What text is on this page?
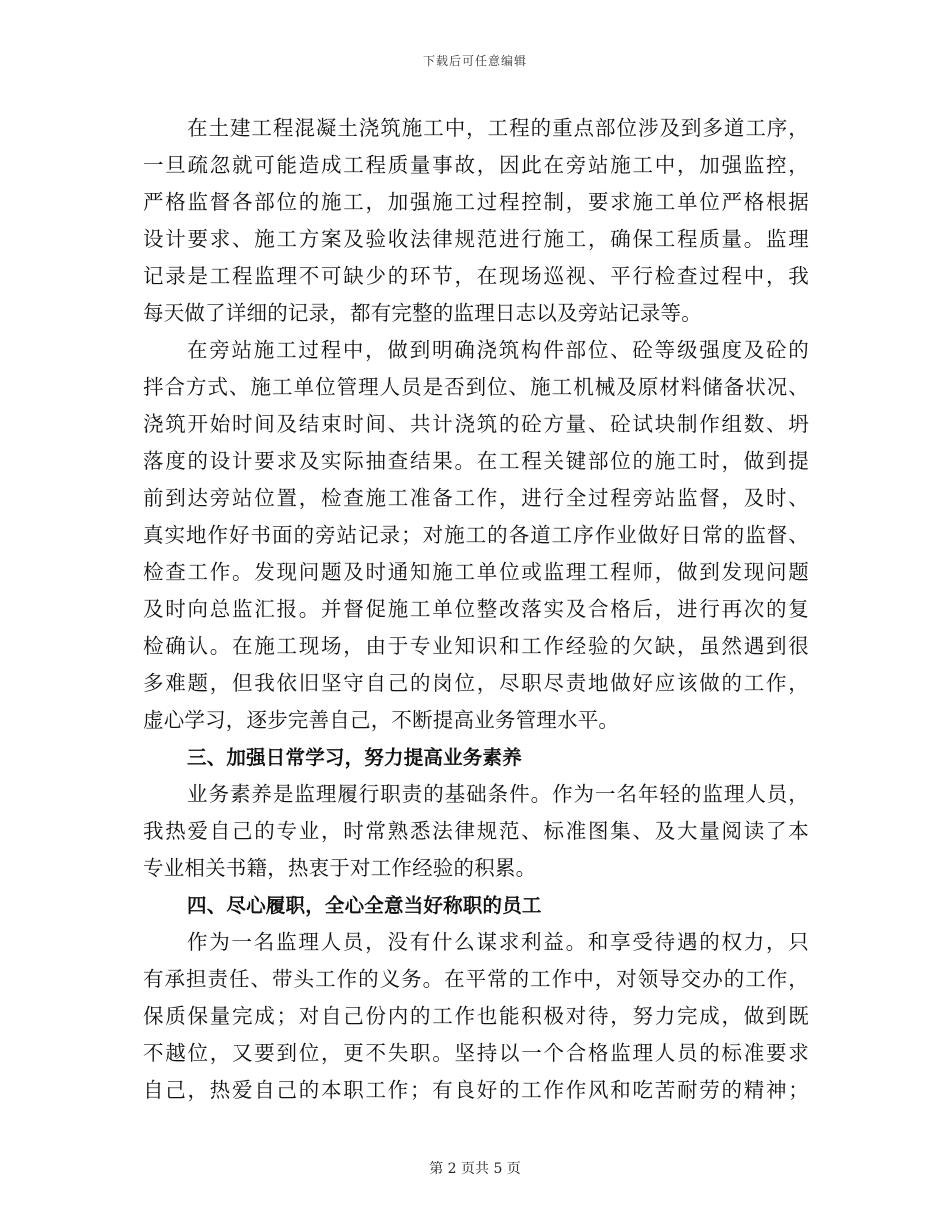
下载后可任意编辑
在土建工程混凝土浇筑施工中，工程的重点部位涉及到多道工序，
一旦疏忽就可能造成工程质量事故，因此在旁站施工中，加强监控，
严格监督各部位的施工，加强施工过程控制，要求施工单位严格根据
设计要求、施工方案及验收法律规范进行施工，确保工程质量。监理
记录是工程监理不可缺少的环节，在现场巡视、平行检查过程中，我
每天做了详细的记录，都有完整的监理日志以及旁站记录等。
在旁站施工过程中，做到明确浇筑构件部位、砼等级强度及砼的
拌合方式、施工单位管理人员是否到位、施工机械及原材料储备状况、
浇筑开始时间及结束时间、共计浇筑的砼方量、砼试块制作组数、坍
落度的设计要求及实际抽查结果。在工程关键部位的施工时，做到提
前到达旁站位置，检查施工准备工作，进行全过程旁站监督，及时、
真实地作好书面的旁站记录；对施工的各道工序作业做好日常的监督、
检查工作。发现问题及时通知施工单位或监理工程师，做到发现问题
及时向总监汇报。并督促施工单位整改落实及合格后，进行再次的复
检确认。在施工现场，由于专业知识和工作经验的欠缺，虽然遇到很
多难题，但我依旧坚守自己的岗位，尽职尽责地做好应该做的工作，
虚心学习，逐步完善自己，不断提高业务管理水平。
三、加强日常学习，努力提高业务素养
业务素养是监理履行职责的基础条件。作为一名年轻的监理人员，
我热爱自己的专业，时常熟悉法律规范、标准图集、及大量阅读了本
专业相关书籍，热衷于对工作经验的积累。
四、尽心履职，全心全意当好称职的员工
作为一名监理人员，没有什么谋求利益。和享受待遇的权力，只
有承担责任、带头工作的义务。在平常的工作中，对领导交办的工作，
保质保量完成；对自己份内的工作也能积极对待，努力完成，做到既
不越位，又要到位，更不失职。坚持以一个合格监理人员的标准要求
自己，热爱自己的本职工作；有良好的工作作风和吃苦耐劳的精神；
第 2 页共 5 页
